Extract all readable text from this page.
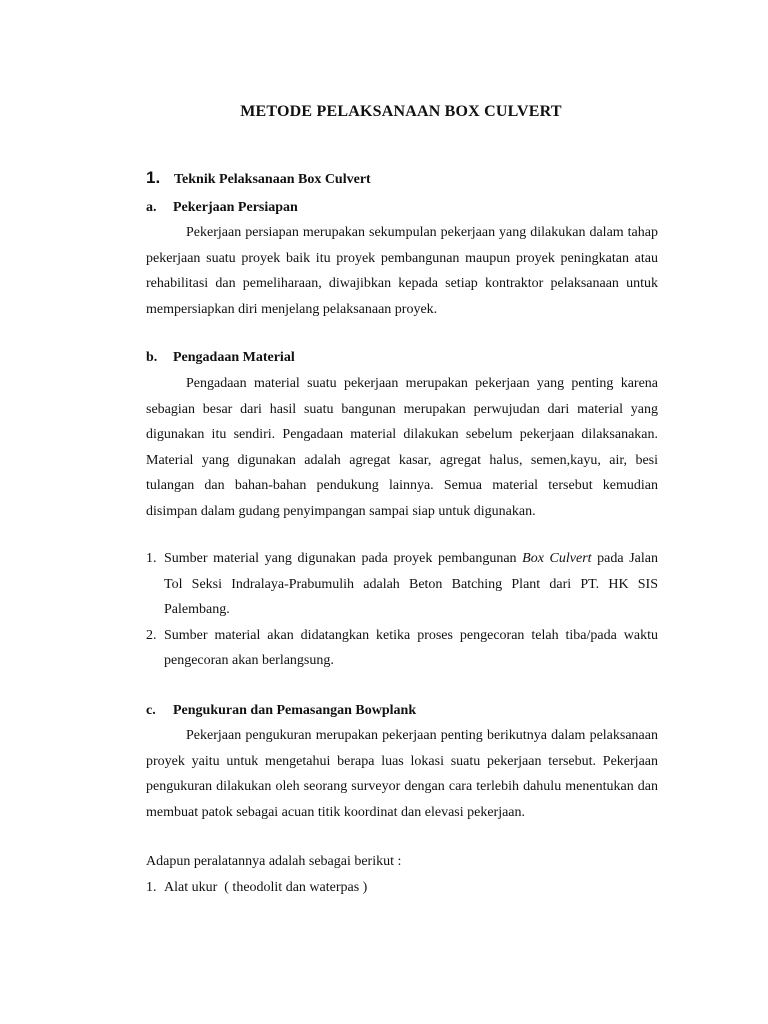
METODE PELAKSANAAN BOX CULVERT
1. Teknik Pelaksanaan Box Culvert
a. Pekerjaan Persiapan

Pekerjaan persiapan merupakan sekumpulan pekerjaan yang dilakukan dalam tahap pekerjaan suatu proyek baik itu proyek pembangunan maupun proyek peningkatan atau rehabilitasi dan pemeliharaan, diwajibkan kepada setiap kontraktor pelaksanaan untuk mempersiapkan diri menjelang pelaksanaan proyek.

b. Pengadaan Material

Pengadaan material suatu pekerjaan merupakan pekerjaan yang penting karena sebagian besar dari hasil suatu bangunan merupakan perwujudan dari material yang digunakan itu sendiri. Pengadaan material dilakukan sebelum pekerjaan dilaksanakan. Material yang digunakan adalah agregat kasar, agregat halus, semen,kayu, air, besi tulangan dan bahan-bahan pendukung lainnya. Semua material tersebut kemudian disimpan dalam gudang penyimpangan sampai siap untuk digunakan.

1. Sumber material yang digunakan pada proyek pembangunan Box Culvert pada Jalan Tol Seksi Indralaya-Prabumulih adalah Beton Batching Plant dari PT. HK SIS Palembang.
2. Sumber material akan didatangkan ketika proses pengecoran telah tiba/pada waktu pengecoran akan berlangsung.
c. Pengukuran dan Pemasangan Bowplank

Pekerjaan pengukuran merupakan pekerjaan penting berikutnya dalam pelaksanaan proyek yaitu untuk mengetahui berapa luas lokasi suatu pekerjaan tersebut. Pekerjaan pengukuran dilakukan oleh seorang surveyor dengan cara terlebih dahulu menentukan dan membuat patok sebagai acuan titik koordinat dan elevasi pekerjaan.

Adapun peralatannya adalah sebagai berikut :

1. Alat ukur  ( theodolit dan waterpas )
